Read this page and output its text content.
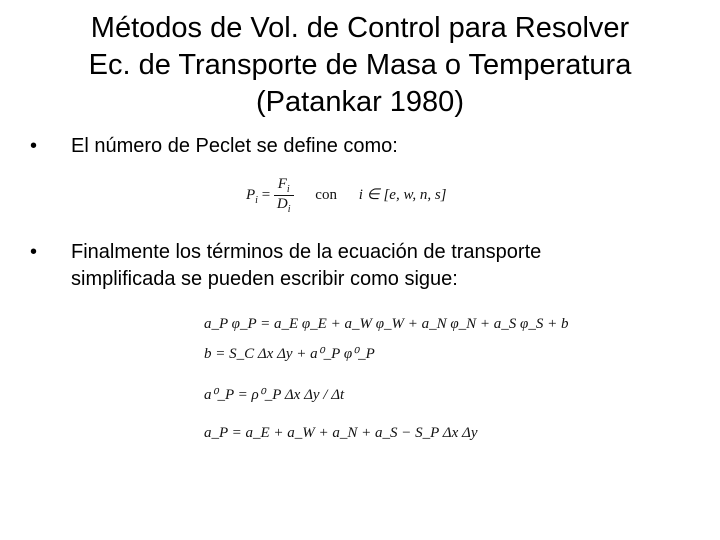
Métodos de Vol. de Control para Resolver
Ec. de Transporte de Masa o Temperatura
(Patankar 1980)
• El número de Peclet se define como:
$P_i = \frac{F_i}{D_i}$ con i ∈ [e, w, n, s]
• Finalmente los términos de la ecuación de transporte
simplificada se pueden escribir como sigue:
a_P φ_P = a_E φ_E + a_W φ_W + a_N φ_N + a_S φ_S + b
b = S_C Δx Δy + a⁰_P φ⁰_P
a⁰_P = ρ⁰_P Δx Δy / Δt
a_P = a_E + a_W + a_N + a_S − S_P Δx Δy
